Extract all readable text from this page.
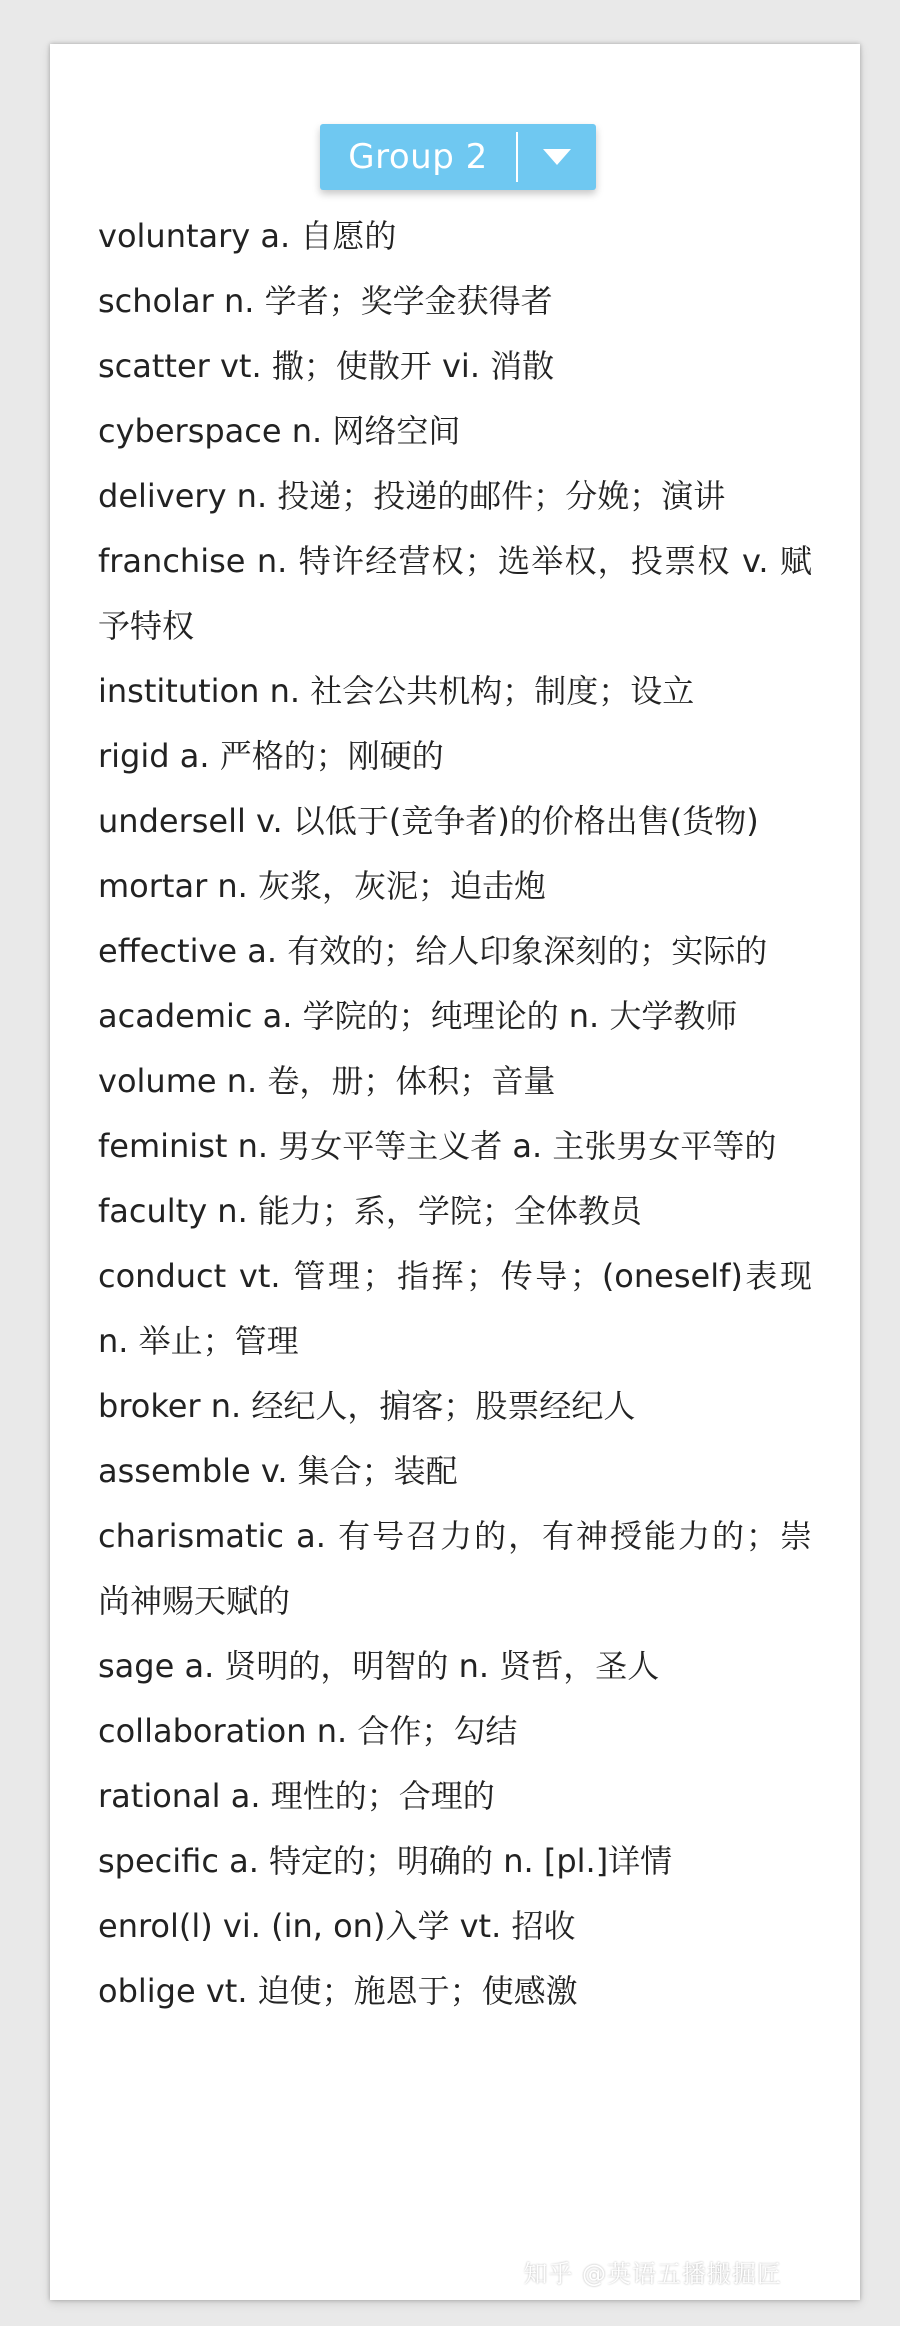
Group 2
voluntary a. 自愿的
scholar n. 学者；奖学金获得者
scatter vt. 撒；使散开 vi. 消散
cyberspace n. 网络空间
delivery n. 投递；投递的邮件；分娩；演讲
franchise n. 特许经营权；选举权，投票权 v. 赋予特权
institution n. 社会公共机构；制度；设立
rigid a. 严格的；刚硬的
undersell v. 以低于(竞争者)的价格出售(货物)
mortar n. 灰浆，灰泥；迫击炮
effective a. 有效的；给人印象深刻的；实际的
academic a. 学院的；纯理论的 n. 大学教师
volume n. 卷，册；体积；音量
feminist n. 男女平等主义者 a. 主张男女平等的
faculty n. 能力；系，学院；全体教员
conduct vt. 管理；指挥；传导；(oneself)表现 n. 举止；管理
broker n. 经纪人，掮客；股票经纪人
assemble v. 集合；装配
charismatic a. 有号召力的，有神授能力的；崇尚神赐天赋的
sage a. 贤明的，明智的 n. 贤哲，圣人
collaboration n. 合作；勾结
rational a. 理性的；合理的
specific a. 特定的；明确的 n. [pl.]详情
enrol(l) vi. (in, on)入学 vt. 招收
oblige vt. 迫使；施恩于；使感激
知乎 @英语五播搬掘匠
